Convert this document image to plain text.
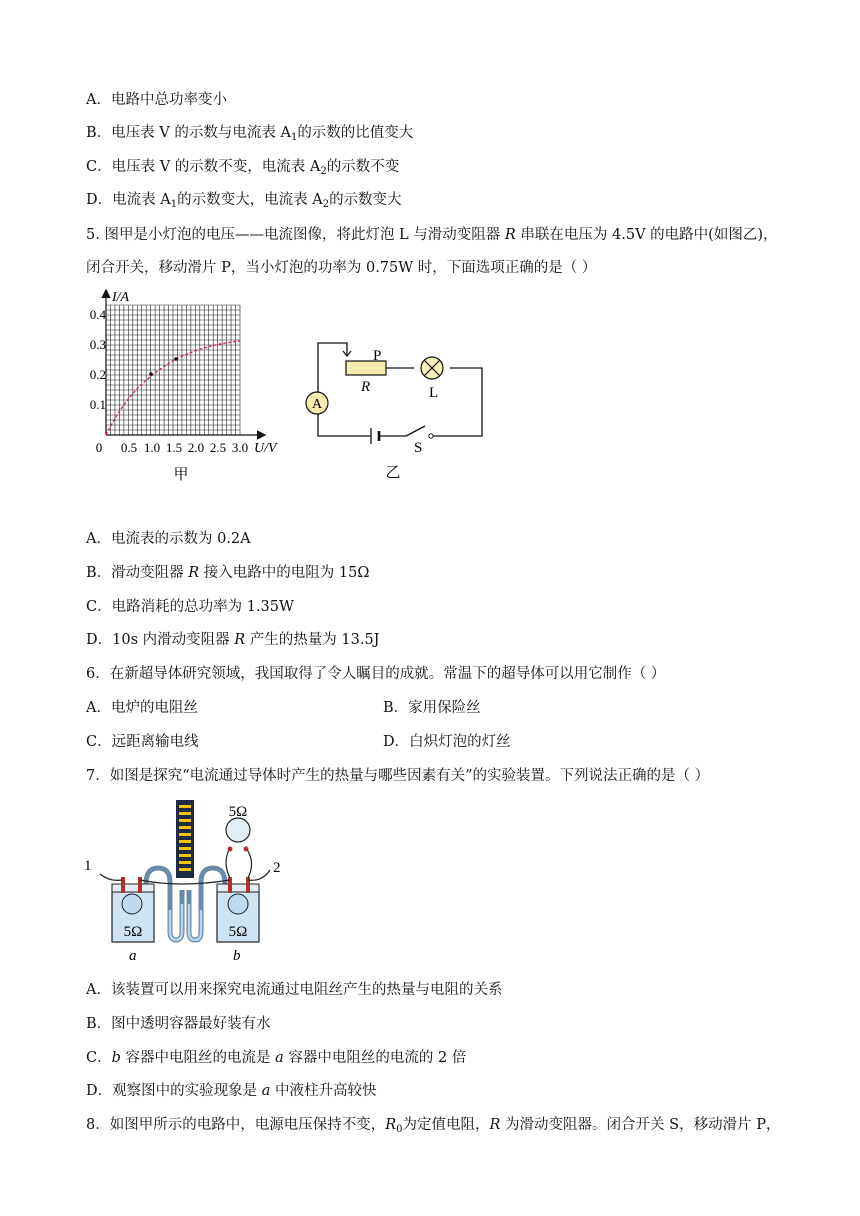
A．电路中总功率变小
B．电压表 V 的示数与电流表 $A_1$的示数的比值变大
C．电压表 V 的示数不变，电流表 $A_2$的示数不变
D．电流表 $A_1$的示数变大，电流表 $A_2$的示数变大
5. 图甲是小灯泡的电压——电流图像，将此灯泡 L 与滑动变阻器 R 串联在电压为 4.5V 的电路中(如图乙)，
闭合开关，移动滑片 P，当小灯泡的功率为 0.75W 时，下面选项正确的是（ ）
I/A
0.4
0.3
0.2
0.1
0 0.5 1.0 1.5 2.0 2.5 3.0 U/V
甲
A
P
R	L
S
乙
A．电流表的示数为 0.2A
B．滑动变阻器 R 接入电路中的电阻为 15Ω
C．电路消耗的总功率为 1.35W
D．10s 内滑动变阻器 R 产生的热量为 13.5J
6．在新超导体研究领域，我国取得了令人瞩目的成就。常温下的超导体可以用它制作（ ）
A．电炉的电阻丝	B．家用保险丝
C．远距离输电线	D．白炽灯泡的灯丝
7．如图是探究“电流通过导体时产生的热量与哪些因素有关”的实验装置。下列说法正确的是（ ）
5Ω
5Ω	5Ω
1	2
a	b
A．该装置可以用来探究电流通过电阻丝产生的热量与电阻的关系
B．图中透明容器最好装有水
C．b 容器中电阻丝的电流是 a 容器中电阻丝的电流的 2 倍
D．观察图中的实验现象是 a 中液柱升高较快
8．如图甲所示的电路中，电源电压保持不变，$R_0$为定值电阻，R 为滑动变阻器。闭合开关 S，移动滑片 P，
